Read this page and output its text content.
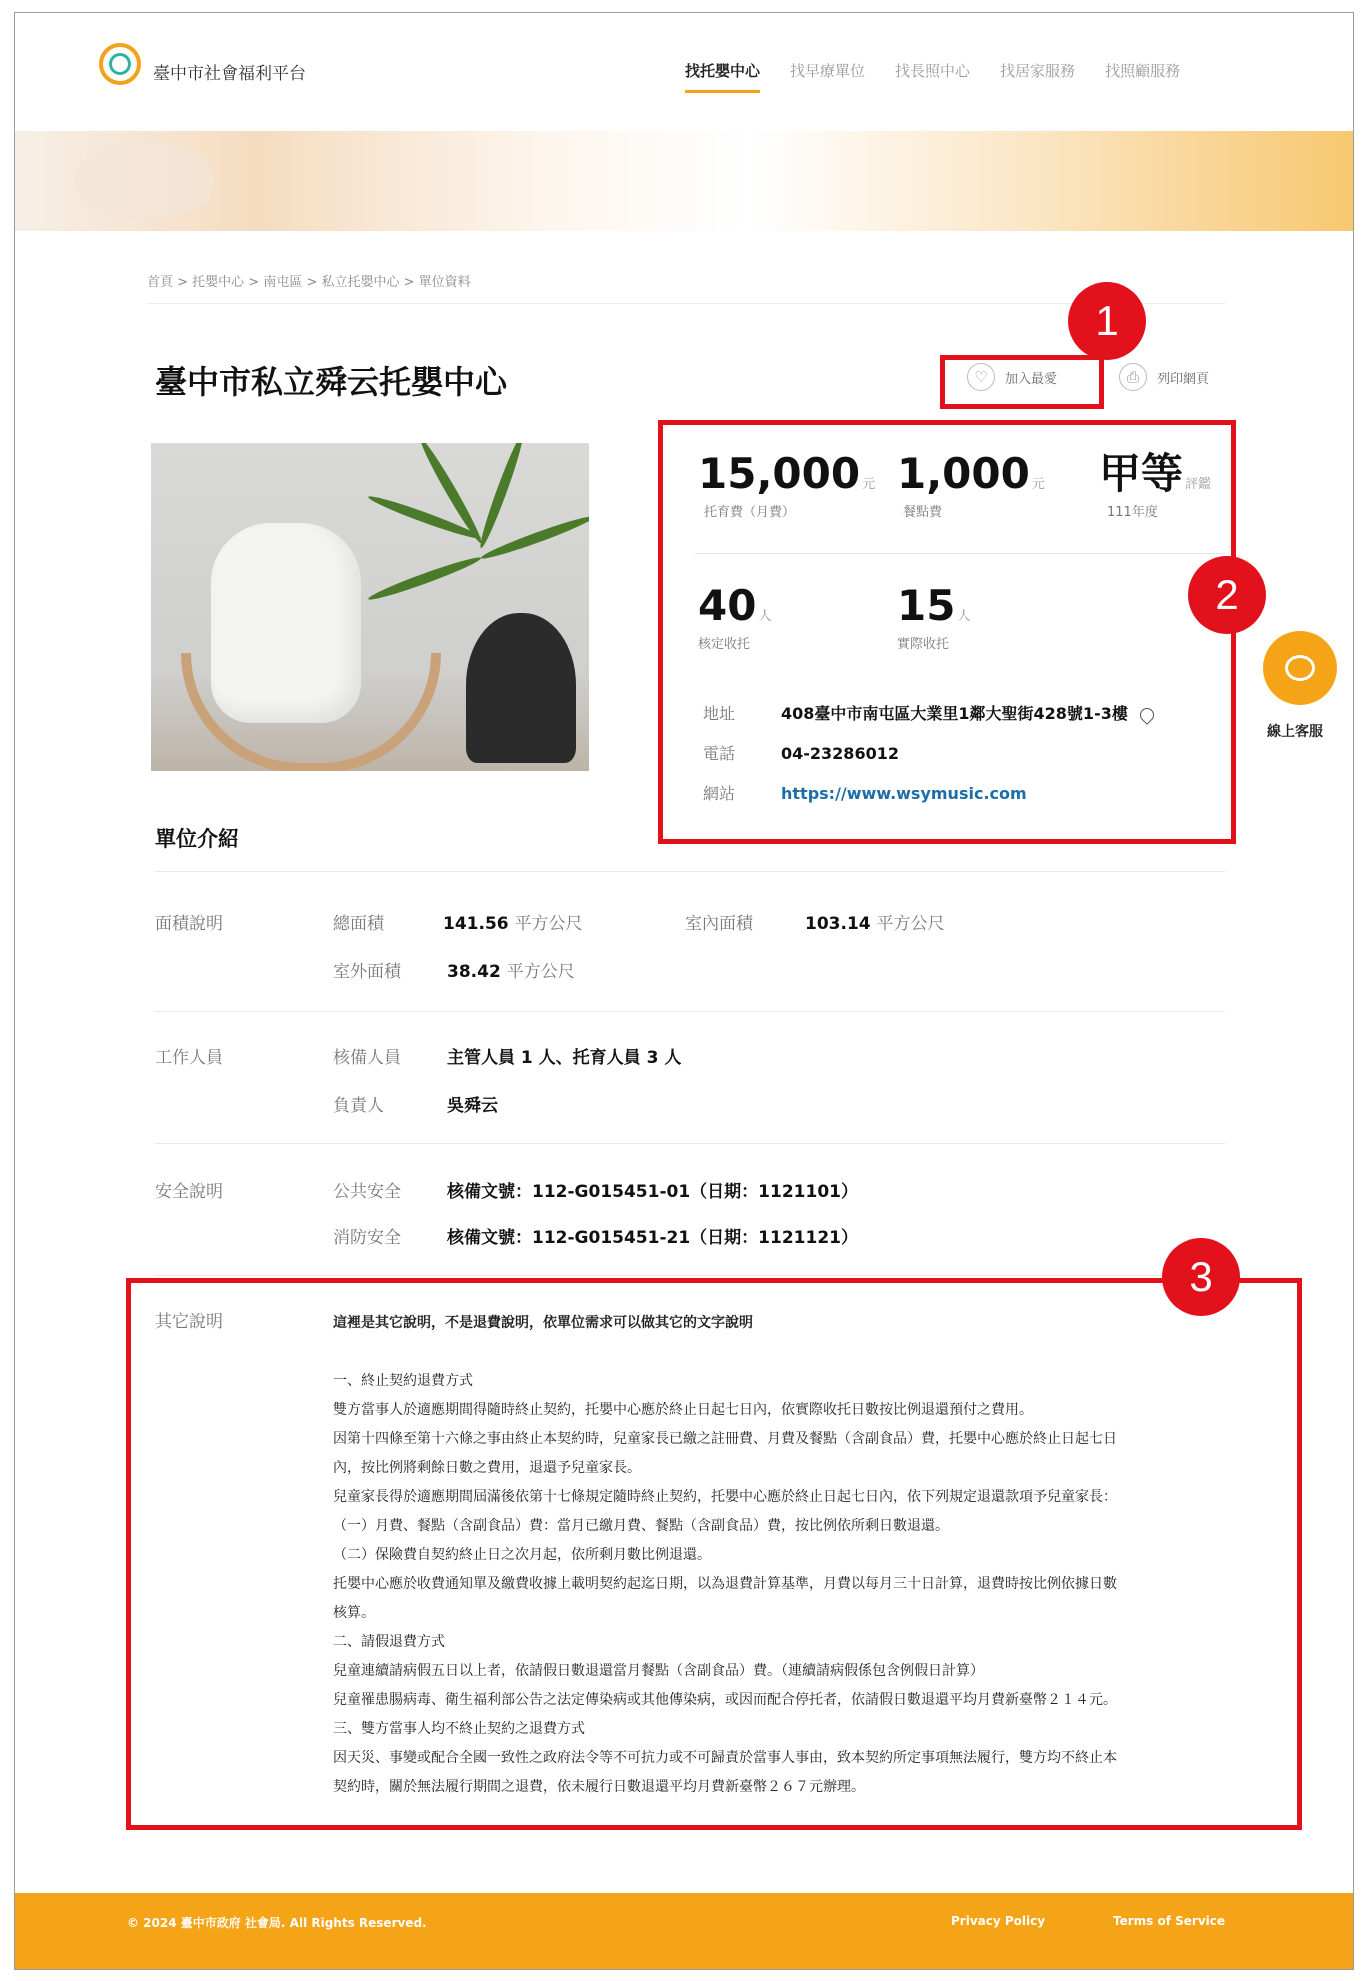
臺中市社會福利平台	找托嬰中心 找早療單位 找長照中心 找居家服務 找照顧服務
首頁 > 托嬰中心 > 南屯區 > 私立托嬰中心 > 單位資料
臺中市私立舜云托嬰中心	♡	加入最愛	⎙	列印網頁
15,000 元
托育費（月費）
1,000 元
餐點費
甲等 評鑑
111年度
40 人
核定收托
15 人
實際收托
地址	408臺中市南屯區大業里1鄰大聖街428號1-3樓
電話	04-23286012
網站	https://www.wsymusic.com
線上客服
單位介紹
面積說明	總面積	141.56 平方公尺	室內面積	103.14 平方公尺
室外面積	38.42 平方公尺
工作人員	核備人員	主管人員 1 人、托育人員 3 人
負責人	吳舜云
安全說明	公共安全	核備文號：112-G015451-01（日期：1121101）
消防安全	核備文號：112-G015451-21（日期：1121121）
其它說明	這裡是其它說明，不是退費說明，依單位需求可以做其它的文字說明

一、終止契約退費方式

雙方當事人於適應期間得隨時終止契約，托嬰中心應於終止日起七日內，依實際收托日數按比例退還預付之費用。

因第十四條至第十六條之事由終止本契約時，兒童家長已繳之註冊費、月費及餐點（含副食品）費，托嬰中心應於終止日起七日

內，按比例將剩餘日數之費用，退還予兒童家長。

兒童家長得於適應期間屆滿後依第十七條規定隨時終止契約，托嬰中心應於終止日起七日內，依下列規定退還款項予兒童家長：

（一）月費、餐點（含副食品）費：當月已繳月費、餐點（含副食品）費，按比例依所剩日數退還。

（二）保險費自契約終止日之次月起，依所剩月數比例退還。

托嬰中心應於收費通知單及繳費收據上載明契約起迄日期，以為退費計算基準，月費以每月三十日計算，退費時按比例依據日數

核算。

二、請假退費方式

兒童連續請病假五日以上者，依請假日數退還當月餐點（含副食品）費。（連續請病假係包含例假日計算）

兒童罹患腸病毒、衛生福利部公告之法定傳染病或其他傳染病，或因而配合停托者，依請假日數退還平均月費新臺幣２１４元。

三、雙方當事人均不終止契約之退費方式

因天災、事變或配合全國一致性之政府法令等不可抗力或不可歸責於當事人事由，致本契約所定事項無法履行，雙方均不終止本

契約時，關於無法履行期間之退費，依未履行日數退還平均月費新臺幣２６７元辦理。

© 2024 臺中市政府 社會局. All Rights Reserved.	Privacy Policy	Terms of Service
1
2
3
